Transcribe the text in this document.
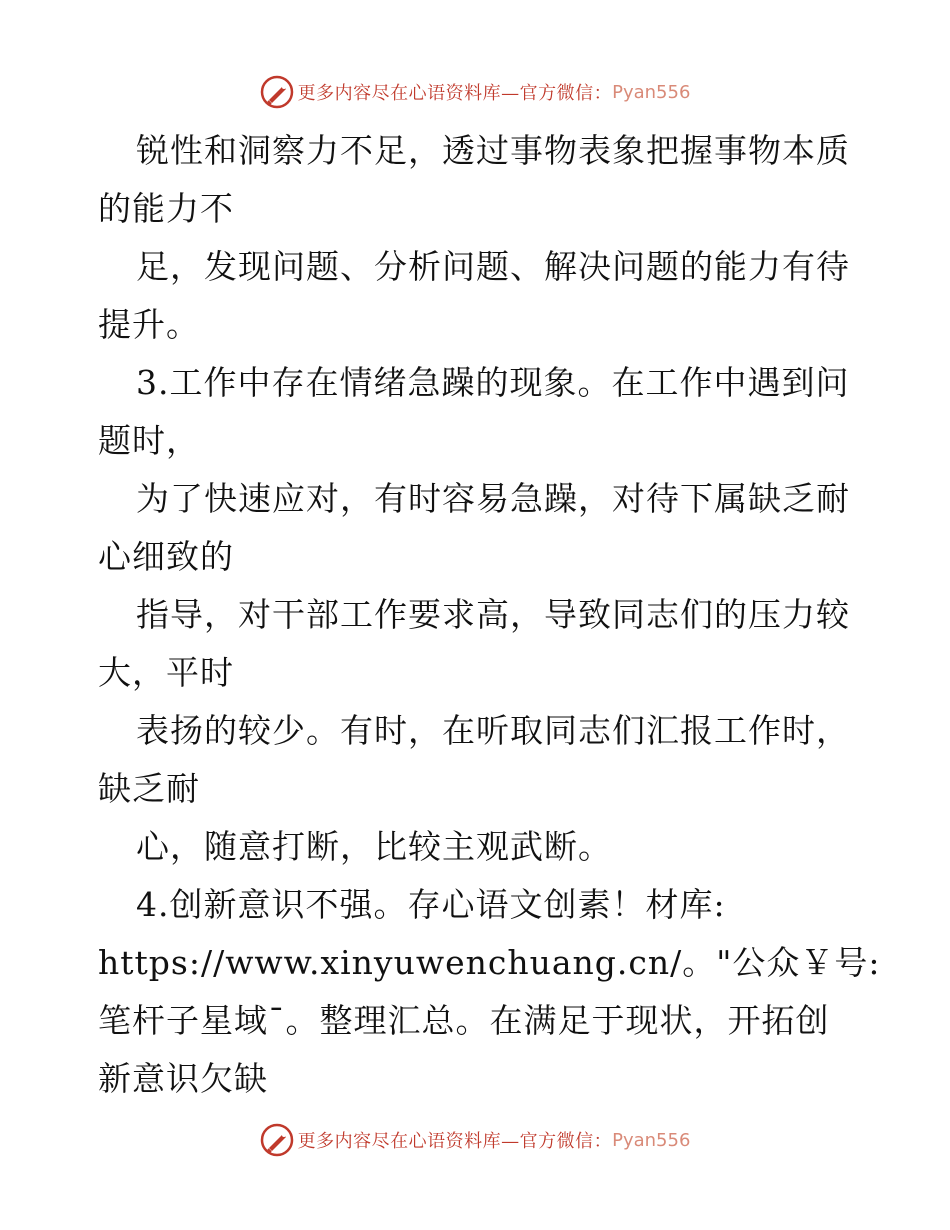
更多内容尽在心语资料库—官方微信： Pyan556
锐性和洞察力不足，透过事物表象把握事物本质
的能力不
足，发现问题、分析问题、解决问题的能力有待
提升。
3.工作中存在情绪急躁的现象。在工作中遇到问
题时，
为了快速应对，有时容易急躁，对待下属缺乏耐
心细致的
指导，对干部工作要求高，导致同志们的压力较
大，平时
表扬的较少。有时，在听取同志们汇报工作时，
缺乏耐
心，随意打断，比较主观武断。
4.创新意识不强。存心语文创素！材库:
https://www.xinyuwenchuang.cn/。"公众￥号:
笔杆子星域¯。整理汇总。在满足于现状，开拓创
新意识欠缺
更多内容尽在心语资料库—官方微信： Pyan556
